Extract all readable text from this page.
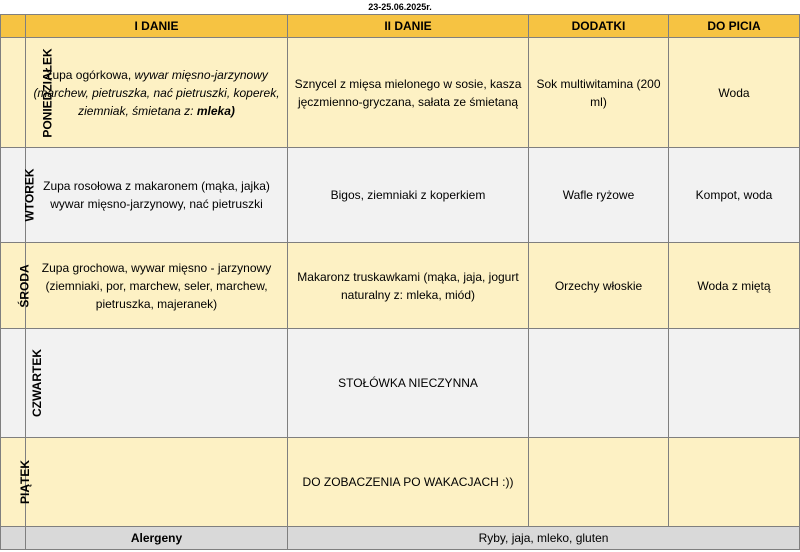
23-25.06.2025r.
	I DANIE	II DANIE	DODATKI	DO PICIA
PONIEDZIAŁEK	Zupa ogórkowa, wywar mięsno-jarzynowy (marchew, pietruszka, nać pietruszki, koperek, ziemniak, śmietana z: mleka)	Sznycel z mięsa mielonego w sosie, kasza jęczmienno-gryczana, sałata ze śmietaną	Sok multiwitamina (200 ml)	Woda
WTOREK	Zupa rosołowa z makaronem (mąka, jajka) wywar mięsno-jarzynowy, nać pietruszki	Bigos, ziemniaki z koperkiem	Wafle ryżowe	Kompot, woda
ŚRODA	Zupa grochowa, wywar mięsno - jarzynowy (ziemniaki, por, marchew, seler, marchew, pietruszka, majeranek)	Makaronz truskawkami (mąka, jaja, jogurt naturalny z: mleka, miód)	Orzechy włoskie	Woda z miętą
CZWARTEK		STOŁÓWKA NIECZYNNA		
PIĄTEK		DO ZOBACZENIA PO WAKACJACH :))		
	Alergeny	Ryby, jaja, mleko, gluten		
